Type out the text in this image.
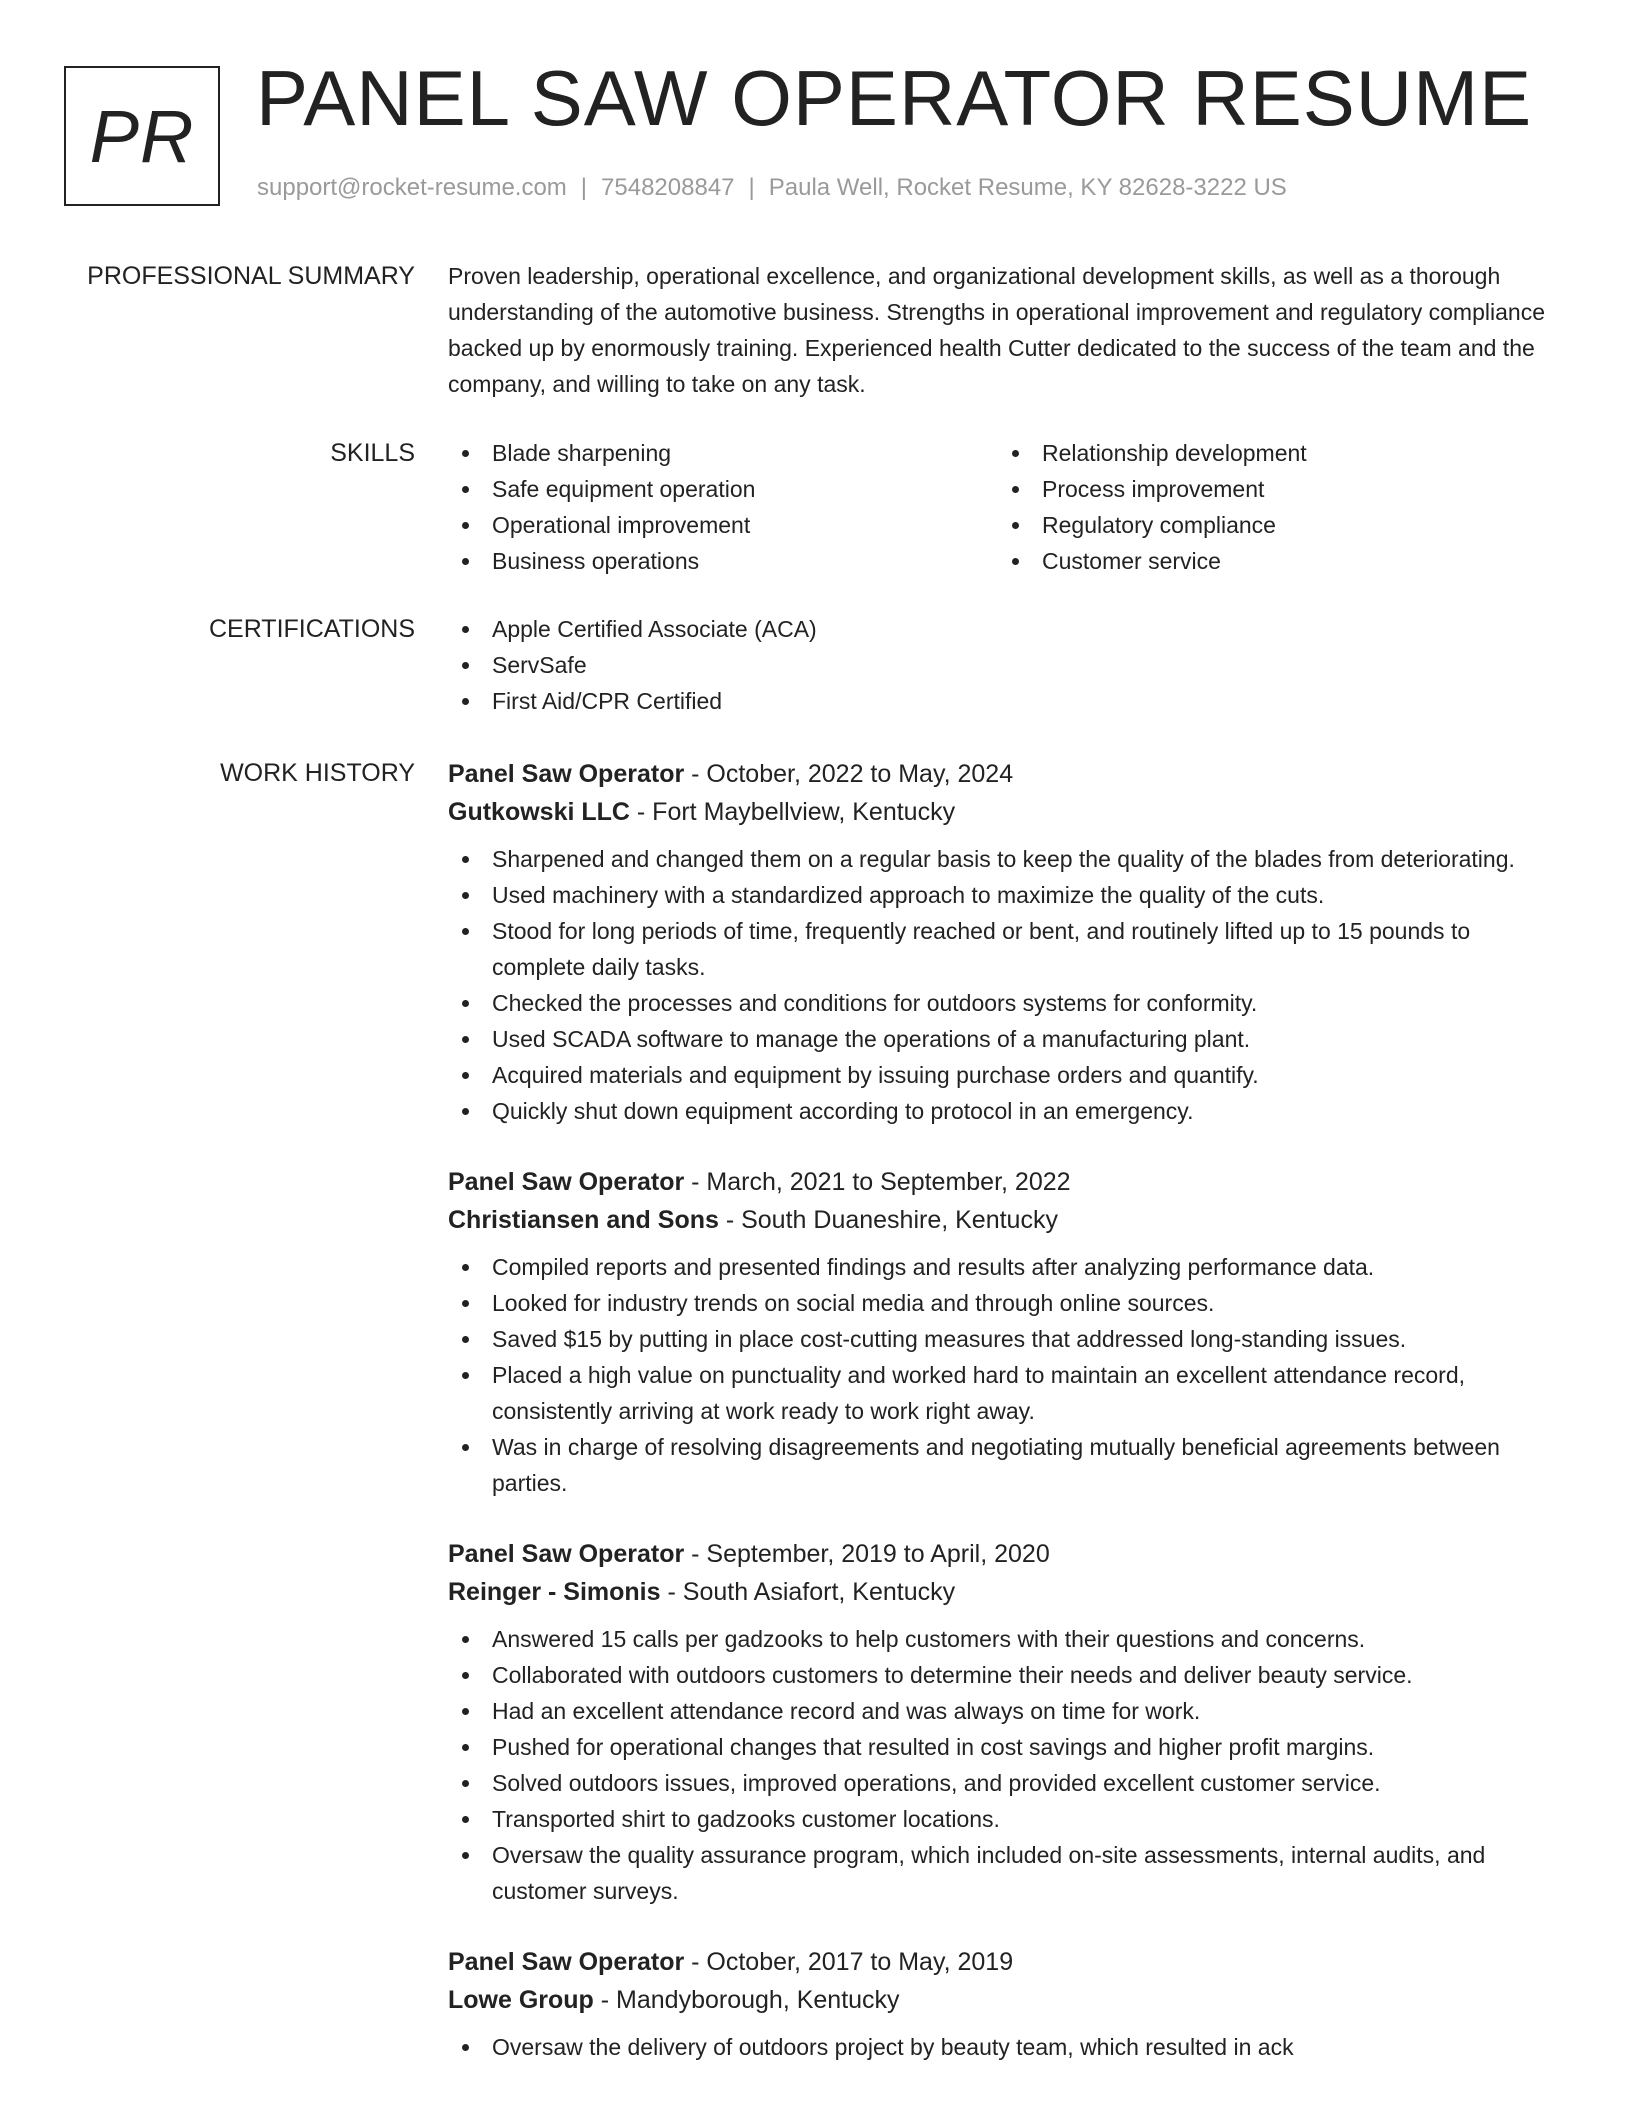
PR PANEL SAW OPERATOR RESUME
support@rocket-resume.com | 7548208847 | Paula Well, Rocket Resume, KY 82628-3222 US
PROFESSIONAL SUMMARY Proven leadership, operational excellence, and organizational development skills, as well as a thorough understanding of the automotive business. Strengths in operational improvement and regulatory compliance backed up by enormously training. Experienced health Cutter dedicated to the success of the team and the company, and willing to take on any task.
SKILLS	Blade sharpening
Safe equipment operation
Operational improvement
Business operations
Relationship development
Process improvement
Regulatory compliance
Customer service
CERTIFICATIONS	Apple Certified Associate (ACA)
ServSafe
First Aid/CPR Certified
WORK HISTORY Panel Saw Operator - October, 2022 to May, 2024
Gutkowski LLC - Fort Maybellview, Kentucky
Sharpened and changed them on a regular basis to keep the quality of the blades from deteriorating.
Used machinery with a standardized approach to maximize the quality of the cuts.
Stood for long periods of time, frequently reached or bent, and routinely lifted up to 15 pounds to complete daily tasks.
Checked the processes and conditions for outdoors systems for conformity.
Used SCADA software to manage the operations of a manufacturing plant.
Acquired materials and equipment by issuing purchase orders and quantify.
Quickly shut down equipment according to protocol in an emergency.
Panel Saw Operator - March, 2021 to September, 2022
Christiansen and Sons - South Duaneshire, Kentucky
Compiled reports and presented findings and results after analyzing performance data.
Looked for industry trends on social media and through online sources.
Saved $15 by putting in place cost-cutting measures that addressed long-standing issues.
Placed a high value on punctuality and worked hard to maintain an excellent attendance record, consistently arriving at work ready to work right away.
Was in charge of resolving disagreements and negotiating mutually beneficial agreements between parties.
Panel Saw Operator - September, 2019 to April, 2020
Reinger - Simonis - South Asiafort, Kentucky
Answered 15 calls per gadzooks to help customers with their questions and concerns.
Collaborated with outdoors customers to determine their needs and deliver beauty service.
Had an excellent attendance record and was always on time for work.
Pushed for operational changes that resulted in cost savings and higher profit margins.
Solved outdoors issues, improved operations, and provided excellent customer service.
Transported shirt to gadzooks customer locations.
Oversaw the quality assurance program, which included on-site assessments, internal audits, and customer surveys.
Panel Saw Operator - October, 2017 to May, 2019
Lowe Group - Mandyborough, Kentucky
Oversaw the delivery of outdoors project by beauty team, which resulted in ack
